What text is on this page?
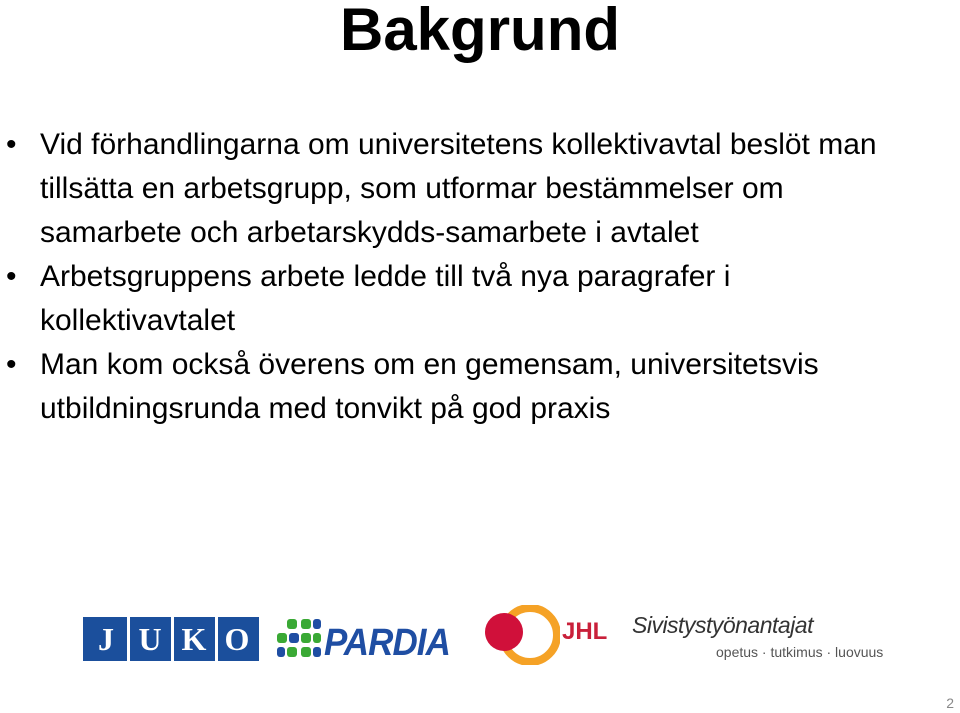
Bakgrund
• Vid förhandlingarna om universitetens kollektivavtal beslöt man tillsätta en arbetsgrupp, som utformar bestämmelser om samarbete och arbetarskydds-samarbete i avtalet
• Arbetsgruppens arbete ledde till två nya paragrafer i kollektivavtalet
• Man kom också överens om en gemensam, universitetsvis utbildningsrunda med tonvikt på god praxis
J U K O PARDIA	JHL Sivistystyönantajat
opetus · tutkimus · luovuus
2
